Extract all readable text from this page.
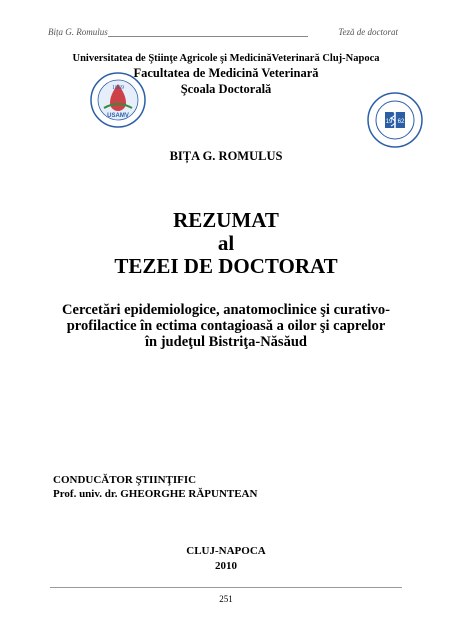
Bița G. Romulus	Teză de doctorat
1869
USAMV
19 62
Universitatea de Ştiinţe Agricole şi MedicinăVeterinară Cluj-Napoca
Facultatea de Medicină Veterinară
Şcoala Doctorală
BIȚA G. ROMULUS
REZUMAT
al
TEZEI DE DOCTORAT
Cercetări epidemiologice, anatomoclinice şi curativo-
profilactice în ectima contagioasă a oilor şi caprelor
în judeţul Bistriţa-Năsăud
CONDUCĂTOR ŞTIINŢIFIC
Prof. univ. dr. GHEORGHE RĂPUNTEAN
CLUJ-NAPOCA
2010
251
